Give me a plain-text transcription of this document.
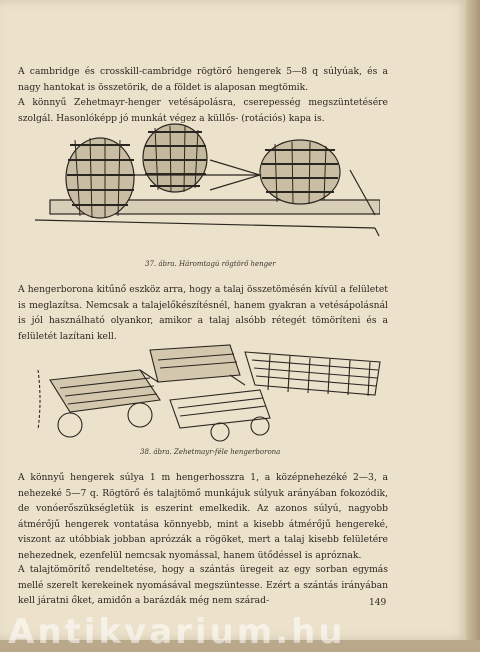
A cambridge és crosskill-cambridge rögtörő hengerek 5—8 q súlyúak, és a nagy hantokat is összetörik, de a földet is alaposan megtömik.

A könnyű Zehetmayr-henger vetésápolásra, cserepesség megszüntetésére szolgál. Hasonlóképp jó munkát végez a küllős- (rotációs) kapa is.

37. ábra. Háromtagú rögtörő henger

A hengerborona kitűnő eszköz arra, hogy a talaj összetömésén kívül a felületet is meglazítsa. Nemcsak a talajelőkészítésnél, hanem gyakran a vetésápolásnál is jól használható olyankor, amikor a talaj alsóbb rétegét tömöríteni és a felületét lazítani kell.

38. ábra. Zehetmayr-féle hengerborona

A könnyű hengerek súlya 1 m hengerhosszra 1, a középnehezéké 2—3, a nehezeké 5—7 q. Rögtörő és talajtömő munkájuk súlyuk arányában fokozódik, de vonóerőszükségletük is eszerint emelkedik. Az azonos súlyú, nagyobb átmérőjű hengerek vontatása könnyebb, mint a kisebb átmérőjű hengereké, viszont az utóbbiak jobban aprózzák a rögöket, mert a talaj kisebb felületére nehezednek, ezenfelül nemcsak nyomással, hanem ütődéssel is apróznak.

A talajtömörítő rendeltetése, hogy a szántás üregeit az egy sorban egymás mellé szerelt kerekeinek nyomásával megszüntesse. Ezért a szántás irányában kell járatni őket, amidőn a barázdák még nem szárad-	149
Antikvarium.hu
